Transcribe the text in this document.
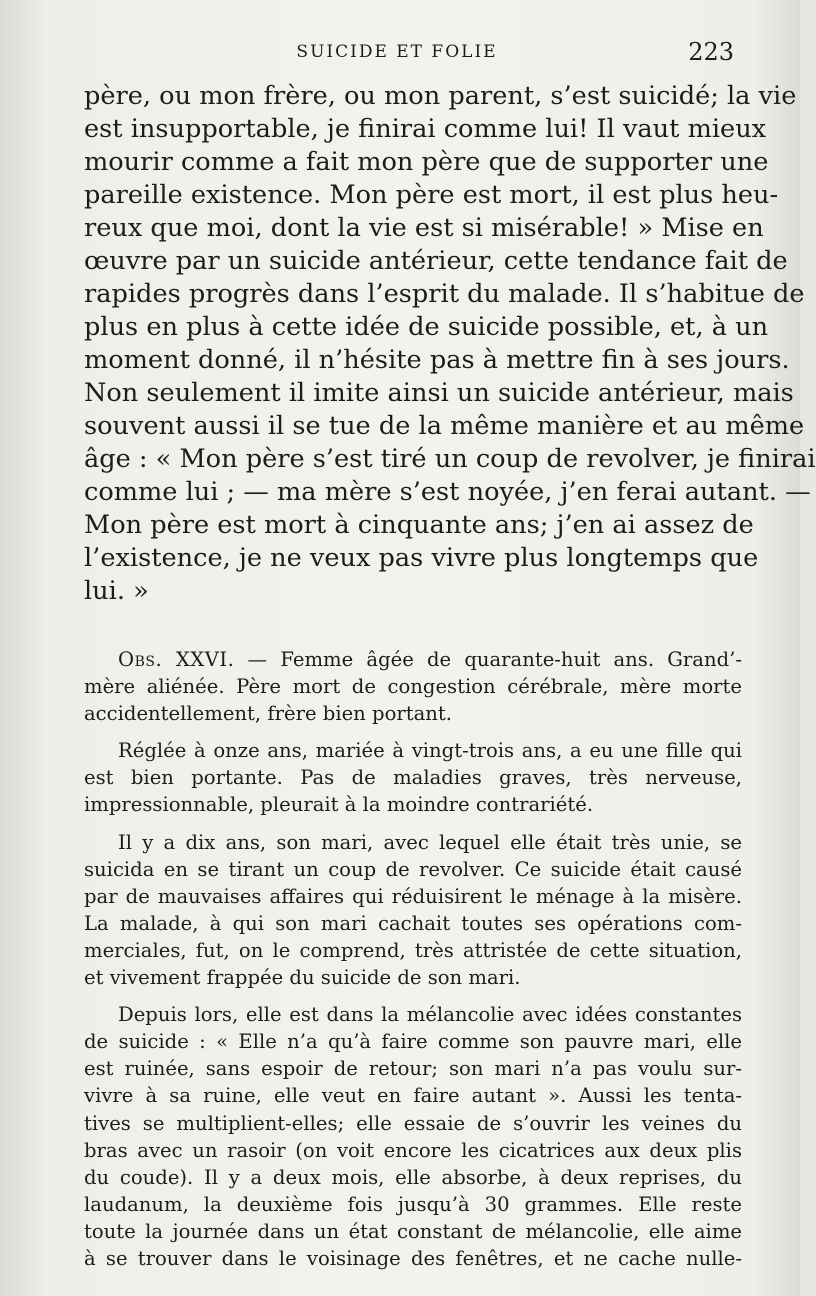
SUICIDE ET FOLIE	223

père, ou mon frère, ou mon parent, s’est suicidé; la vie
est insupportable, je finirai comme lui! Il vaut mieux
mourir comme a fait mon père que de supporter une
pareille existence. Mon père est mort, il est plus heu-
reux que moi, dont la vie est si misérable! » Mise en
œuvre par un suicide antérieur, cette tendance fait de
rapides progrès dans l’esprit du malade. Il s’habitue de
plus en plus à cette idée de suicide possible, et, à un
moment donné, il n’hésite pas à mettre fin à ses jours.
Non seulement il imite ainsi un suicide antérieur, mais
souvent aussi il se tue de la même manière et au même
âge : « Mon père s’est tiré un coup de revolver, je finirai
comme lui ; — ma mère s’est noyée, j’en ferai autant. —
Mon père est mort à cinquante ans; j’en ai assez de
l’existence, je ne veux pas vivre plus longtemps que
lui. »

Obs. XXVI. — Femme âgée de quarante-huit ans. Grand’-
mère aliénée. Père mort de congestion cérébrale, mère morte
accidentellement, frère bien portant.

Réglée à onze ans, mariée à vingt-trois ans, a eu une fille qui
est bien portante. Pas de maladies graves, très nerveuse,
impressionnable, pleurait à la moindre contrariété.

Il y a dix ans, son mari, avec lequel elle était très unie, se
suicida en se tirant un coup de revolver. Ce suicide était causé
par de mauvaises affaires qui réduisirent le ménage à la misère.
La malade, à qui son mari cachait toutes ses opérations com-
merciales, fut, on le comprend, très attristée de cette situation,
et vivement frappée du suicide de son mari.

Depuis lors, elle est dans la mélancolie avec idées constantes
de suicide : « Elle n’a qu’à faire comme son pauvre mari, elle
est ruinée, sans espoir de retour; son mari n’a pas voulu sur-
vivre à sa ruine, elle veut en faire autant ». Aussi les tenta-
tives se multiplient-elles; elle essaie de s’ouvrir les veines du
bras avec un rasoir (on voit encore les cicatrices aux deux plis
du coude). Il y a deux mois, elle absorbe, à deux reprises, du
laudanum, la deuxième fois jusqu’à 30 grammes. Elle reste
toute la journée dans un état constant de mélancolie, elle aime
à se trouver dans le voisinage des fenêtres, et ne cache nulle-
